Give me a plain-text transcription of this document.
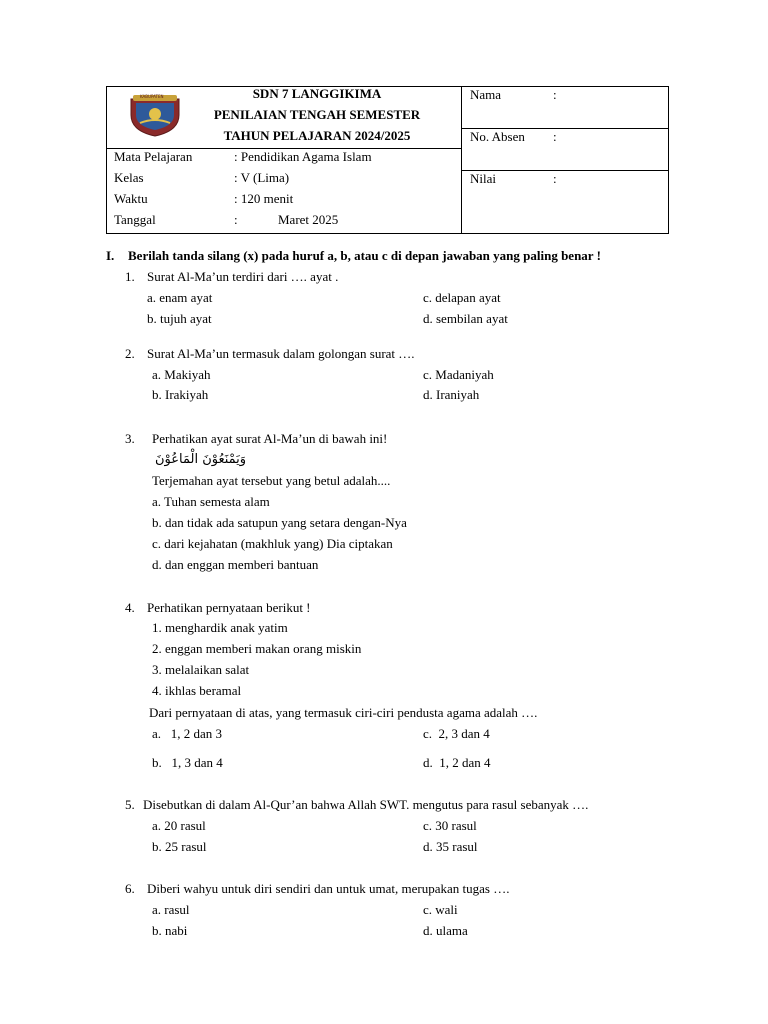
KABUPATEN	SDN 7 LANGGIKIMA
PENILAIAN TENGAH SEMESTER
TAHUN PELAJARAN 2024/2025
Mata Pelajaran	: Pendidikan Agama Islam
Kelas	: V (Lima)
Waktu	: 120 menit
Tanggal	:	Maret 2025
Nama	:
No. Absen :
Nilai	:
I. Berilah tanda silang (x) pada huruf a, b, atau c di depan jawaban yang paling benar !
1. Surat Al-Ma’un terdiri dari …. ayat .
a. enam ayat	c. delapan ayat
b. tujuh ayat	d. sembilan ayat
2. Surat Al-Ma’un termasuk dalam golongan surat ….
a. Makiyah	c. Madaniyah
b. Irakiyah	d. Iraniyah
3. Perhatikan ayat surat Al-Ma’un di bawah ini!
وَيَمْنَعُوْنَ الْمَاعُوْنَ
Terjemahan ayat tersebut yang betul adalah....
a. Tuhan semesta alam
b. dan tidak ada satupun yang setara dengan-Nya
c. dari kejahatan (makhluk yang) Dia ciptakan
d. dan enggan memberi bantuan
4. Perhatikan pernyataan berikut !
1. menghardik anak yatim
2. enggan memberi makan orang miskin
3. melalaikan salat
4. ikhlas beramal
Dari pernyataan di atas, yang termasuk ciri-ciri pendusta agama adalah ….
a.   1, 2 dan 3	c.  2, 3 dan 4
b.   1, 3 dan 4	d.  1, 2 dan 4
5. Disebutkan di dalam Al-Qur’an bahwa Allah SWT. mengutus para rasul sebanyak ….
a. 20 rasul	c. 30 rasul
b. 25 rasul	d. 35 rasul
6. Diberi wahyu untuk diri sendiri dan untuk umat, merupakan tugas ….
a. rasul	c. wali
b. nabi	d. ulama
